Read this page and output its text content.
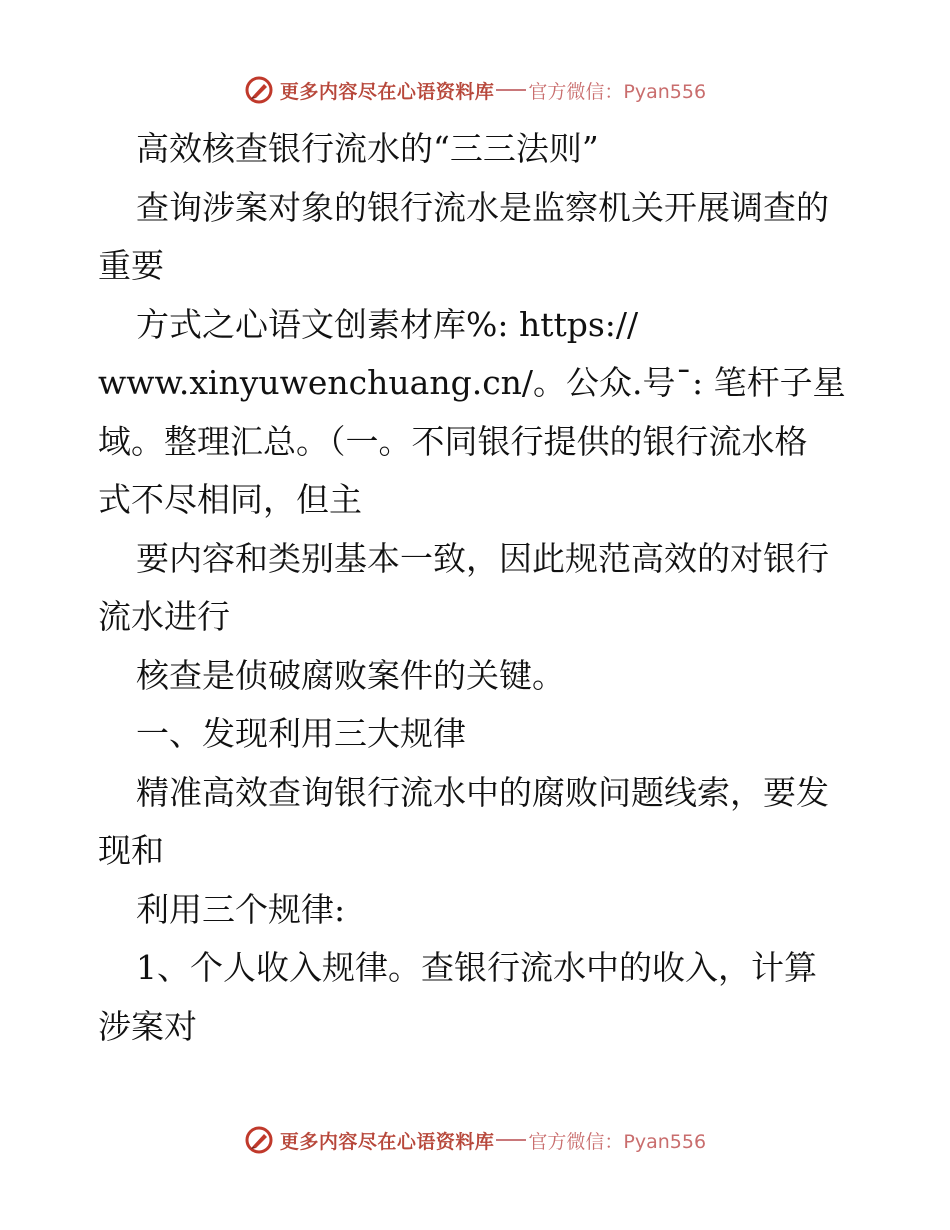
更多内容尽在心语资料库 官方微信：Pyan556

高效核查银行流水的“三三法则”

查询涉案对象的银行流水是监察机关开展调查的

重要

方式之心语文创素材库%: https://

www.xinyuwenchuang.cn/。公众.号¯: 笔杆子星

域。整理汇总。（一。不同银行提供的银行流水格

式不尽相同，但主

要内容和类别基本一致，因此规范高效的对银行

流水进行

核查是侦破腐败案件的关键。

一、发现利用三大规律

精准高效查询银行流水中的腐败问题线索，要发

现和

利用三个规律:

1、个人收入规律。查银行流水中的收入，计算

涉案对

更多内容尽在心语资料库 官方微信：Pyan556
